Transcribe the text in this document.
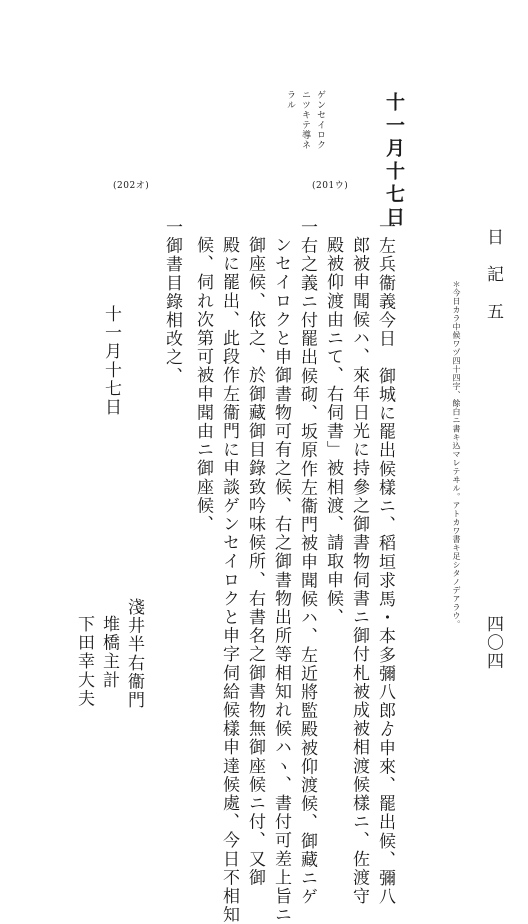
日　記　五
四〇四
＊今日カラ中候ワヅ四十四字、餘白ニ書キ込マレテヰル。アトカワ書キ足シタノデアラウ。
十一月十七日
ゲンセイロク
ニツキテ導ネ
ラル
(201ウ)
(202オ)
一左兵衞義今日　御城に罷出候樣ニ、稻垣求馬・本多彌八郎ゟ申來、罷出候、彌八
郎被申聞候ハ、來年日光に持參之御書物伺書ニ御付札被成被相渡候樣ニ、佐渡守
殿被仰渡由ニて、右伺書」被相渡、請取申候、
一右之義ニ付罷出候砌、坂原作左衞門被申聞候ハ、左近將監殿被仰渡候、御藏ニゲ
ンセイロクと申御書物可有之候、右之御書物出所等相知れ候ハヽ、書付可差上旨ニ
御座候、依之、於御藏御目錄致吟味候所、右書名之御書物無御座候ニ付、又御
殿に罷出、此段作左衞門に申談ゲンセイロクと申字伺給候樣申達候處、今日不相知
候、伺れ次第可被申聞由ニ御座候、
一御書目錄相改之、
十一月十七日
淺井半右衞門
堆橋主計
下田幸大夫
